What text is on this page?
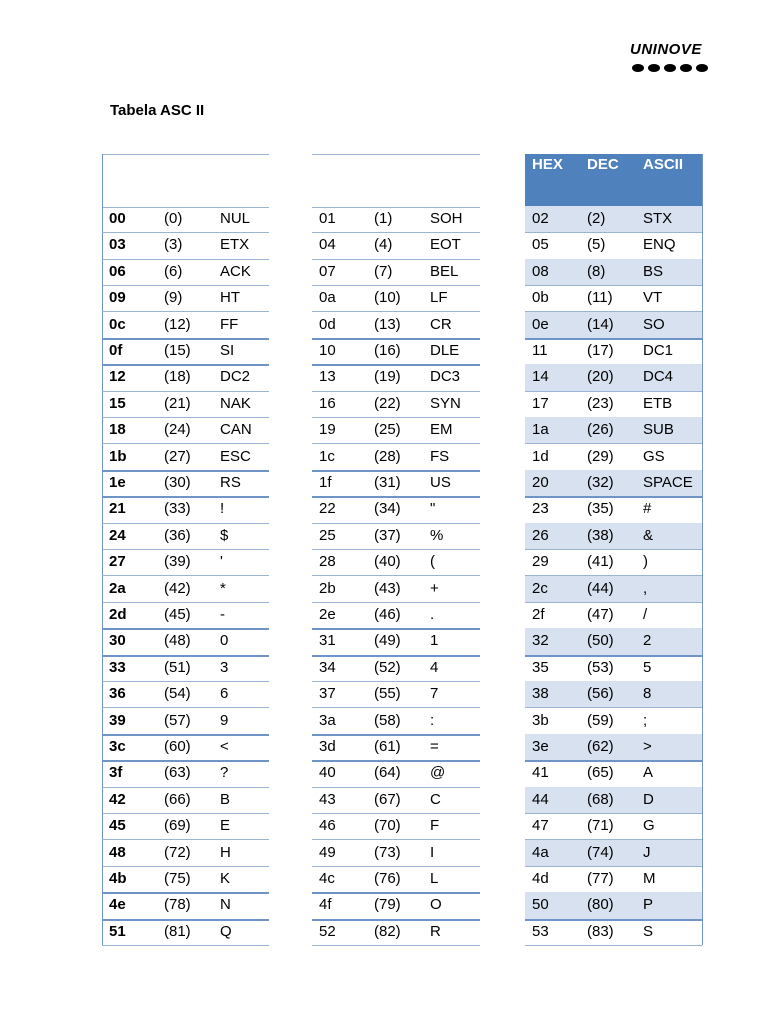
UNINOVE
Tabela ASC II
HEX DEC ASCII
00	(0)	NUL	01	(1)	SOH	02	(2)	STX
03	(3)	ETX	04	(4)	EOT	05	(5)	ENQ
06	(6)	ACK	07	(7)	BEL	08	(8)	BS
09	(9)	HT	0a	(10) LF	0b	(11) VT
0c	(12) FF	0d	(13) CR	0e	(14) SO
0f	(15) SI	10	(16) DLE	11	(17) DC1
12	(18) DC2	13	(19) DC3	14	(20) DC4
15	(21) NAK	16	(22) SYN	17	(23) ETB
18	(24) CAN	19	(25) EM	1a	(26) SUB
1b (27) ESC	1c	(28) FS	1d	(29) GS
1e	(30) RS	1f	(31) US	20	(32) SPACE
21	(33) !	22	(34) "	23	(35) #
24	(36) $	25	(37) %	26	(38) &
27	(39) '	28	(40) (	29	(41) )
2a	(42) *	2b	(43) +	2c	(44) ,
2d (45) -	2e	(46) .	2f	(47) /
30	(48) 0	31	(49) 1	32	(50) 2
33	(51) 3	34	(52) 4	35	(53) 5
36	(54) 6	37	(55) 7	38	(56) 8
39	(57) 9	3a	(58) :	3b	(59) ;
3c	(60) <	3d	(61) =	3e	(62) >
3f	(63) ?	40	(64) @	41	(65) A
42	(66) B	43	(67) C	44	(68) D
45	(69) E	46	(70) F	47	(71) G
48	(72) H	49	(73) I	4a	(74) J
4b (75) K	4c	(76) L	4d	(77) M
4e	(78) N	4f	(79) O	50	(80) P
51	(81) Q	52	(82) R	53	(83) S
